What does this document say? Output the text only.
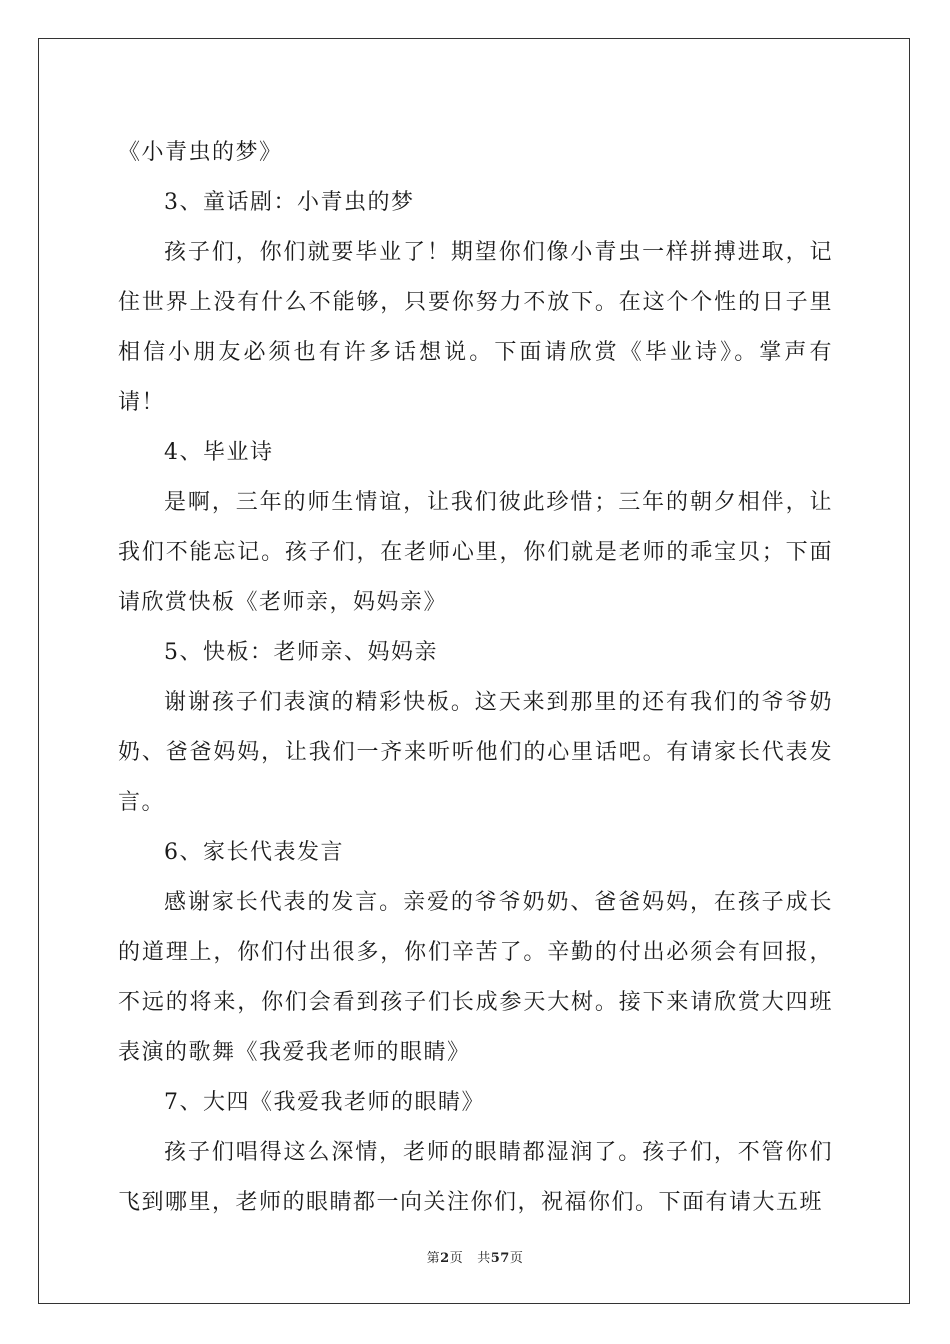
《小青虫的梦》

3、童话剧：小青虫的梦

孩子们，你们就要毕业了！期望你们像小青虫一样拼搏进取，记住世界上没有什么不能够，只要你努力不放下。在这个个性的日子里相信小朋友必须也有许多话想说。下面请欣赏《毕业诗》。掌声有请！

4、毕业诗

是啊，三年的师生情谊，让我们彼此珍惜；三年的朝夕相伴，让我们不能忘记。孩子们，在老师心里，你们就是老师的乖宝贝；下面请欣赏快板《老师亲，妈妈亲》

5、快板：老师亲、妈妈亲

谢谢孩子们表演的精彩快板。这天来到那里的还有我们的爷爷奶奶、爸爸妈妈，让我们一齐来听听他们的心里话吧。有请家长代表发言。

6、家长代表发言

感谢家长代表的发言。亲爱的爷爷奶奶、爸爸妈妈，在孩子成长的道理上，你们付出很多，你们辛苦了。辛勤的付出必须会有回报，不远的将来，你们会看到孩子们长成参天大树。接下来请欣赏大四班表演的歌舞《我爱我老师的眼睛》

7、大四《我爱我老师的眼睛》

孩子们唱得这么深情，老师的眼睛都湿润了。孩子们，不管你们飞到哪里，老师的眼睛都一向关注你们，祝福你们。下面有请大五班

第2页 共57页
